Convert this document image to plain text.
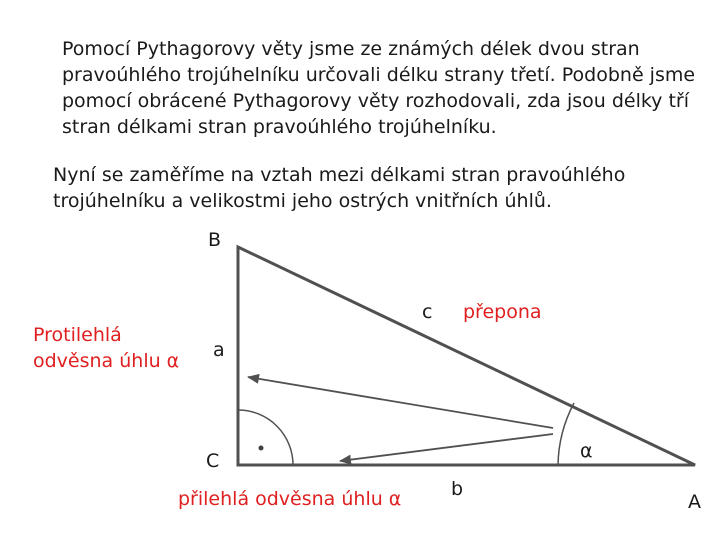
Pomocí Pythagorovy věty jsme ze známých délek dvou stran pravoúhlého trojúhelníku určovali délku strany třetí. Podobně jsme pomocí obrácené Pythagorovy věty rozhodovali, zda jsou délky tří stran délkami stran pravoúhlého trojúhelníku.

Nyní se zaměříme na vztah mezi délkami stran pravoúhlého trojúhelníku a velikostmi jeho ostrých vnitřních úhlů.

B
C
A
a
b
c
α
přepona
Protilehlá odvěsna úhlu α
přilehlá odvěsna úhlu α
